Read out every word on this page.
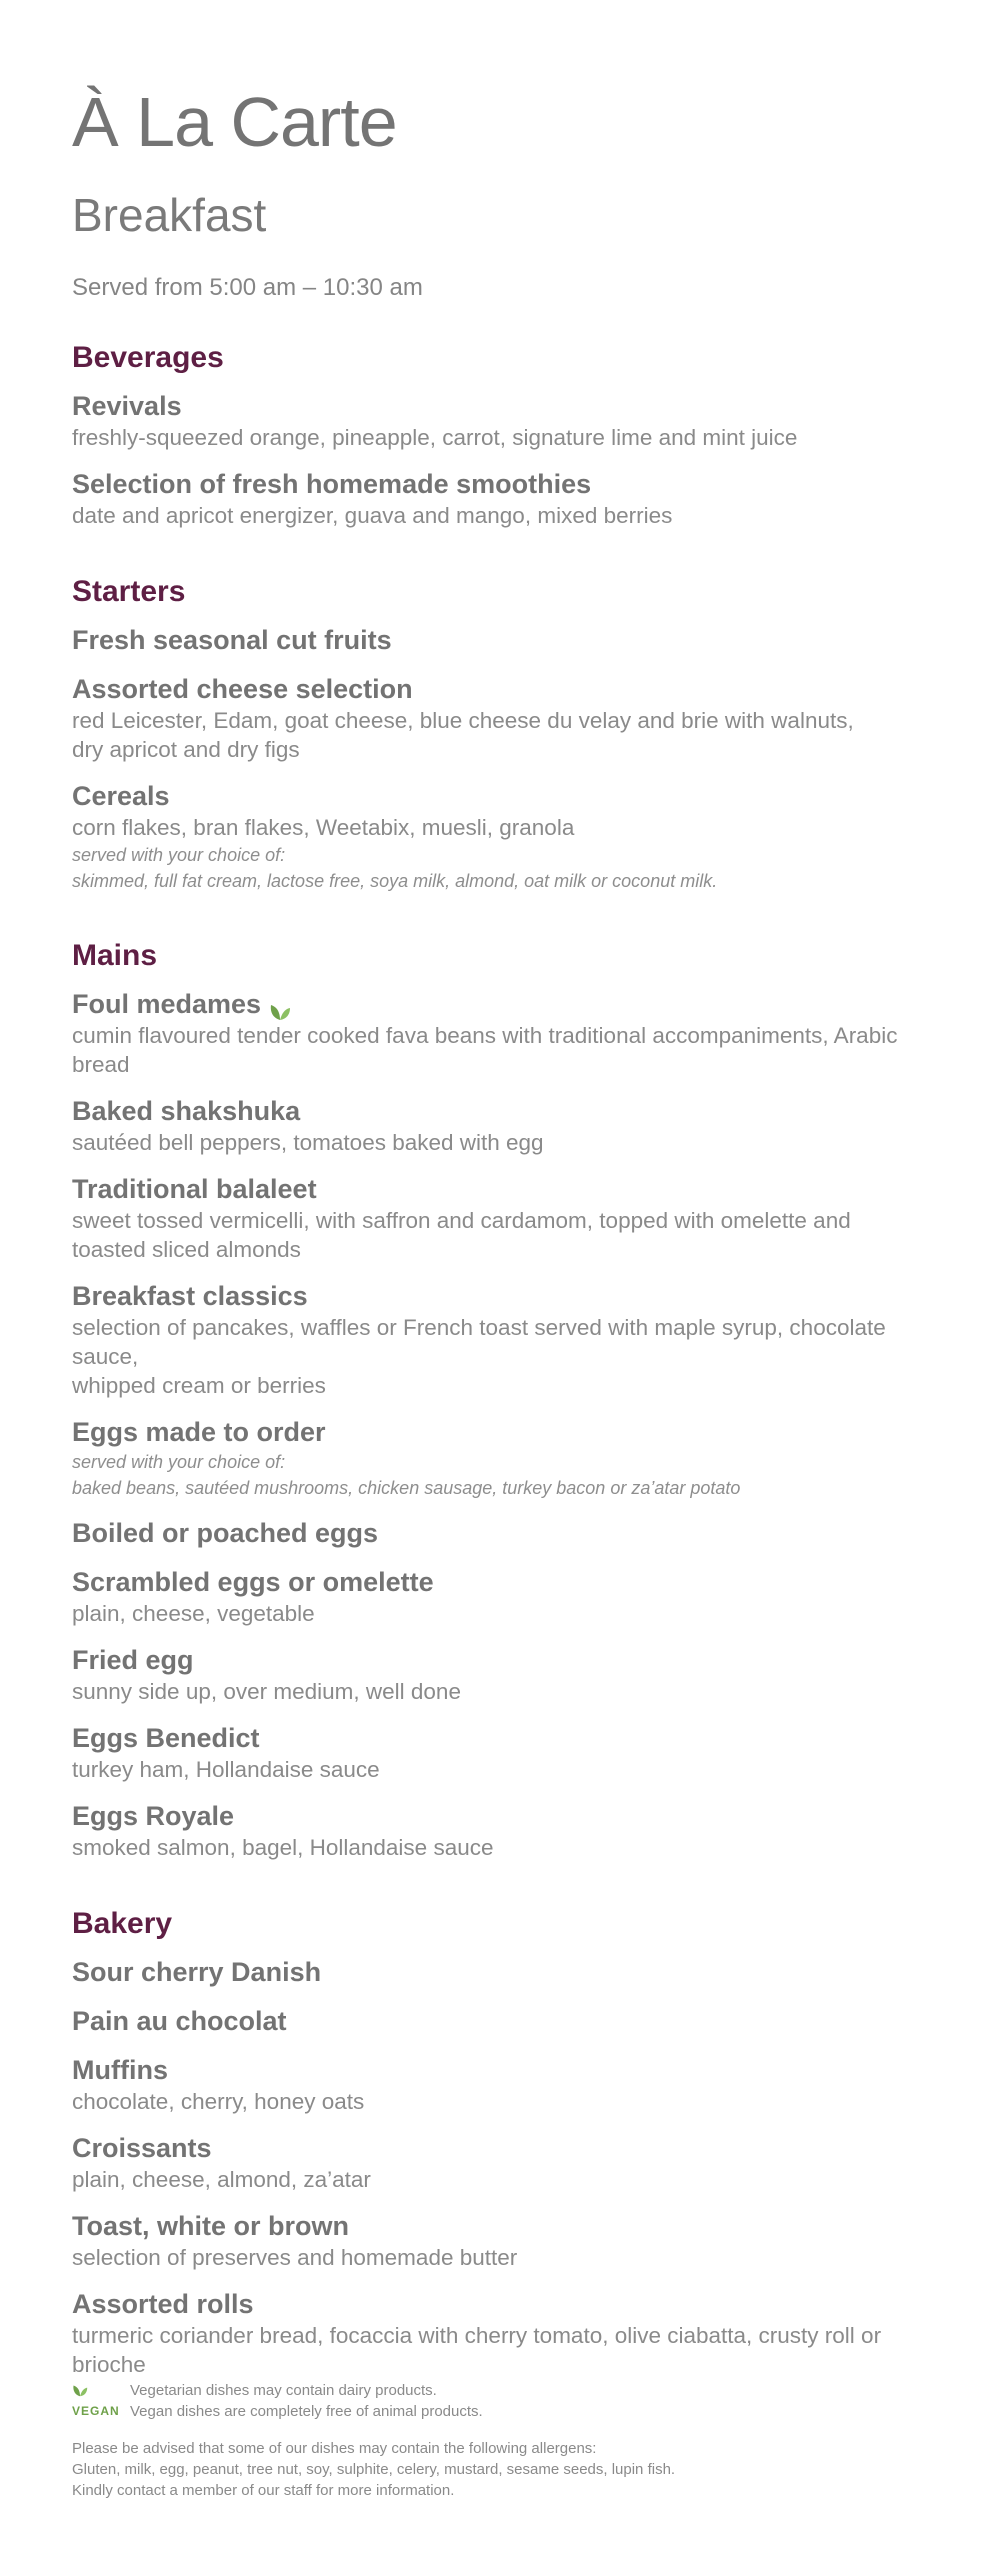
À La Carte
Breakfast
Served from 5:00 am – 10:30 am
Beverages
Revivals
freshly-squeezed orange, pineapple, carrot, signature lime and mint juice
Selection of fresh homemade smoothies
date and apricot energizer, guava and mango, mixed berries
Starters
Fresh seasonal cut fruits
Assorted cheese selection
red Leicester, Edam, goat cheese, blue cheese du velay and brie with walnuts,
dry apricot and dry figs
Cereals
corn flakes, bran flakes, Weetabix, muesli, granola
served with your choice of:
skimmed, full fat cream, lactose free, soya milk, almond, oat milk or coconut milk.
Mains
Foul medames
cumin flavoured tender cooked fava beans with traditional accompaniments, Arabic bread
Baked shakshuka
sautéed bell peppers, tomatoes baked with egg
Traditional balaleet
sweet tossed vermicelli, with saffron and cardamom, topped with omelette and
toasted sliced almonds
Breakfast classics
selection of pancakes, waffles or French toast served with maple syrup, chocolate sauce,
whipped cream or berries
Eggs made to order
served with your choice of:
baked beans, sautéed mushrooms, chicken sausage, turkey bacon or za’atar potato
Boiled or poached eggs
Scrambled eggs or omelette
plain, cheese, vegetable
Fried egg
sunny side up, over medium, well done
Eggs Benedict
turkey ham, Hollandaise sauce
Eggs Royale
smoked salmon, bagel, Hollandaise sauce
Bakery
Sour cherry Danish
Pain au chocolat
Muffins
chocolate, cherry, honey oats
Croissants
plain, cheese, almond, za’atar
Toast, white or brown
selection of preserves and homemade butter
Assorted rolls
turmeric coriander bread, focaccia with cherry tomato, olive ciabatta, crusty roll or brioche
Vegetarian dishes may contain dairy products.
VEGAN Vegan dishes are completely free of animal products.
Please be advised that some of our dishes may contain the following allergens:
Gluten, milk, egg, peanut, tree nut, soy, sulphite, celery, mustard, sesame seeds, lupin fish.
Kindly contact a member of our staff for more information.
